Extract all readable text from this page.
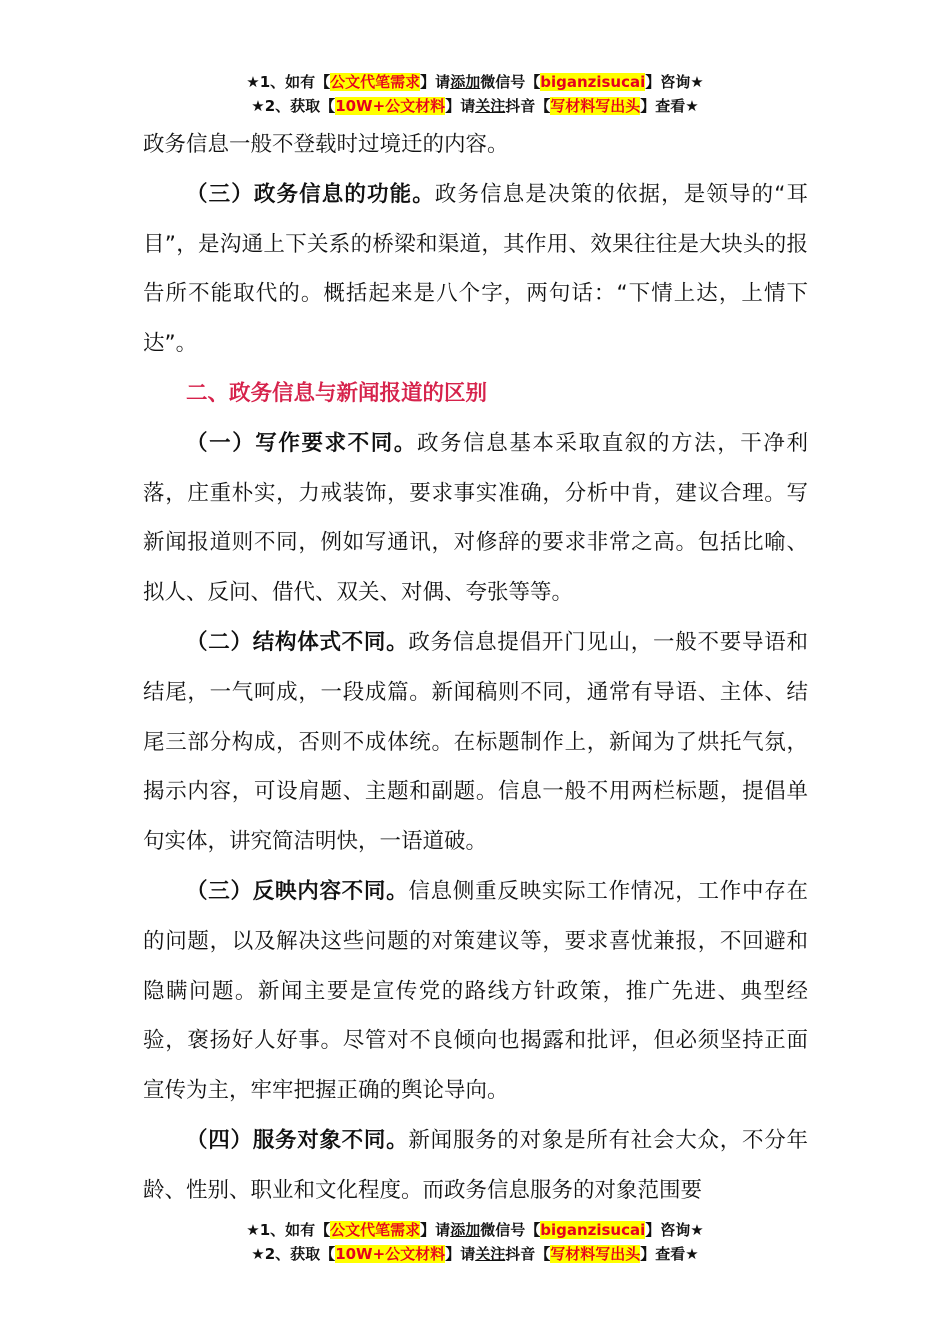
★1、如有【公文代笔需求】请添加微信号【biganzisucai】咨询★
★2、获取【10W+公文材料】请关注抖音【写材料写出头】查看★

政务信息一般不登载时过境迁的内容。

（三）政务信息的功能。政务信息是决策的依据，是领导的“耳目”，是沟通上下关系的桥梁和渠道，其作用、效果往往是大块头的报告所不能取代的。概括起来是八个字，两句话：“下情上达，上情下达”。

二、政务信息与新闻报道的区别

（一）写作要求不同。政务信息基本采取直叙的方法，干净利落，庄重朴实，力戒装饰，要求事实准确，分析中肯，建议合理。写新闻报道则不同，例如写通讯，对修辞的要求非常之高。包括比喻、拟人、反问、借代、双关、对偶、夸张等等。

（二）结构体式不同。政务信息提倡开门见山，一般不要导语和结尾，一气呵成，一段成篇。新闻稿则不同，通常有导语、主体、结尾三部分构成，否则不成体统。在标题制作上，新闻为了烘托气氛，揭示内容，可设肩题、主题和副题。信息一般不用两栏标题，提倡单句实体，讲究简洁明快，一语道破。

（三）反映内容不同。信息侧重反映实际工作情况，工作中存在的问题，以及解决这些问题的对策建议等，要求喜忧兼报，不回避和隐瞒问题。新闻主要是宣传党的路线方针政策，推广先进、典型经验，褒扬好人好事。尽管对不良倾向也揭露和批评，但必须坚持正面宣传为主，牢牢把握正确的舆论导向。

（四）服务对象不同。新闻服务的对象是所有社会大众，不分年龄、性别、职业和文化程度。而政务信息服务的对象范围要

★1、如有【公文代笔需求】请添加微信号【biganzisucai】咨询★
★2、获取【10W+公文材料】请关注抖音【写材料写出头】查看★
